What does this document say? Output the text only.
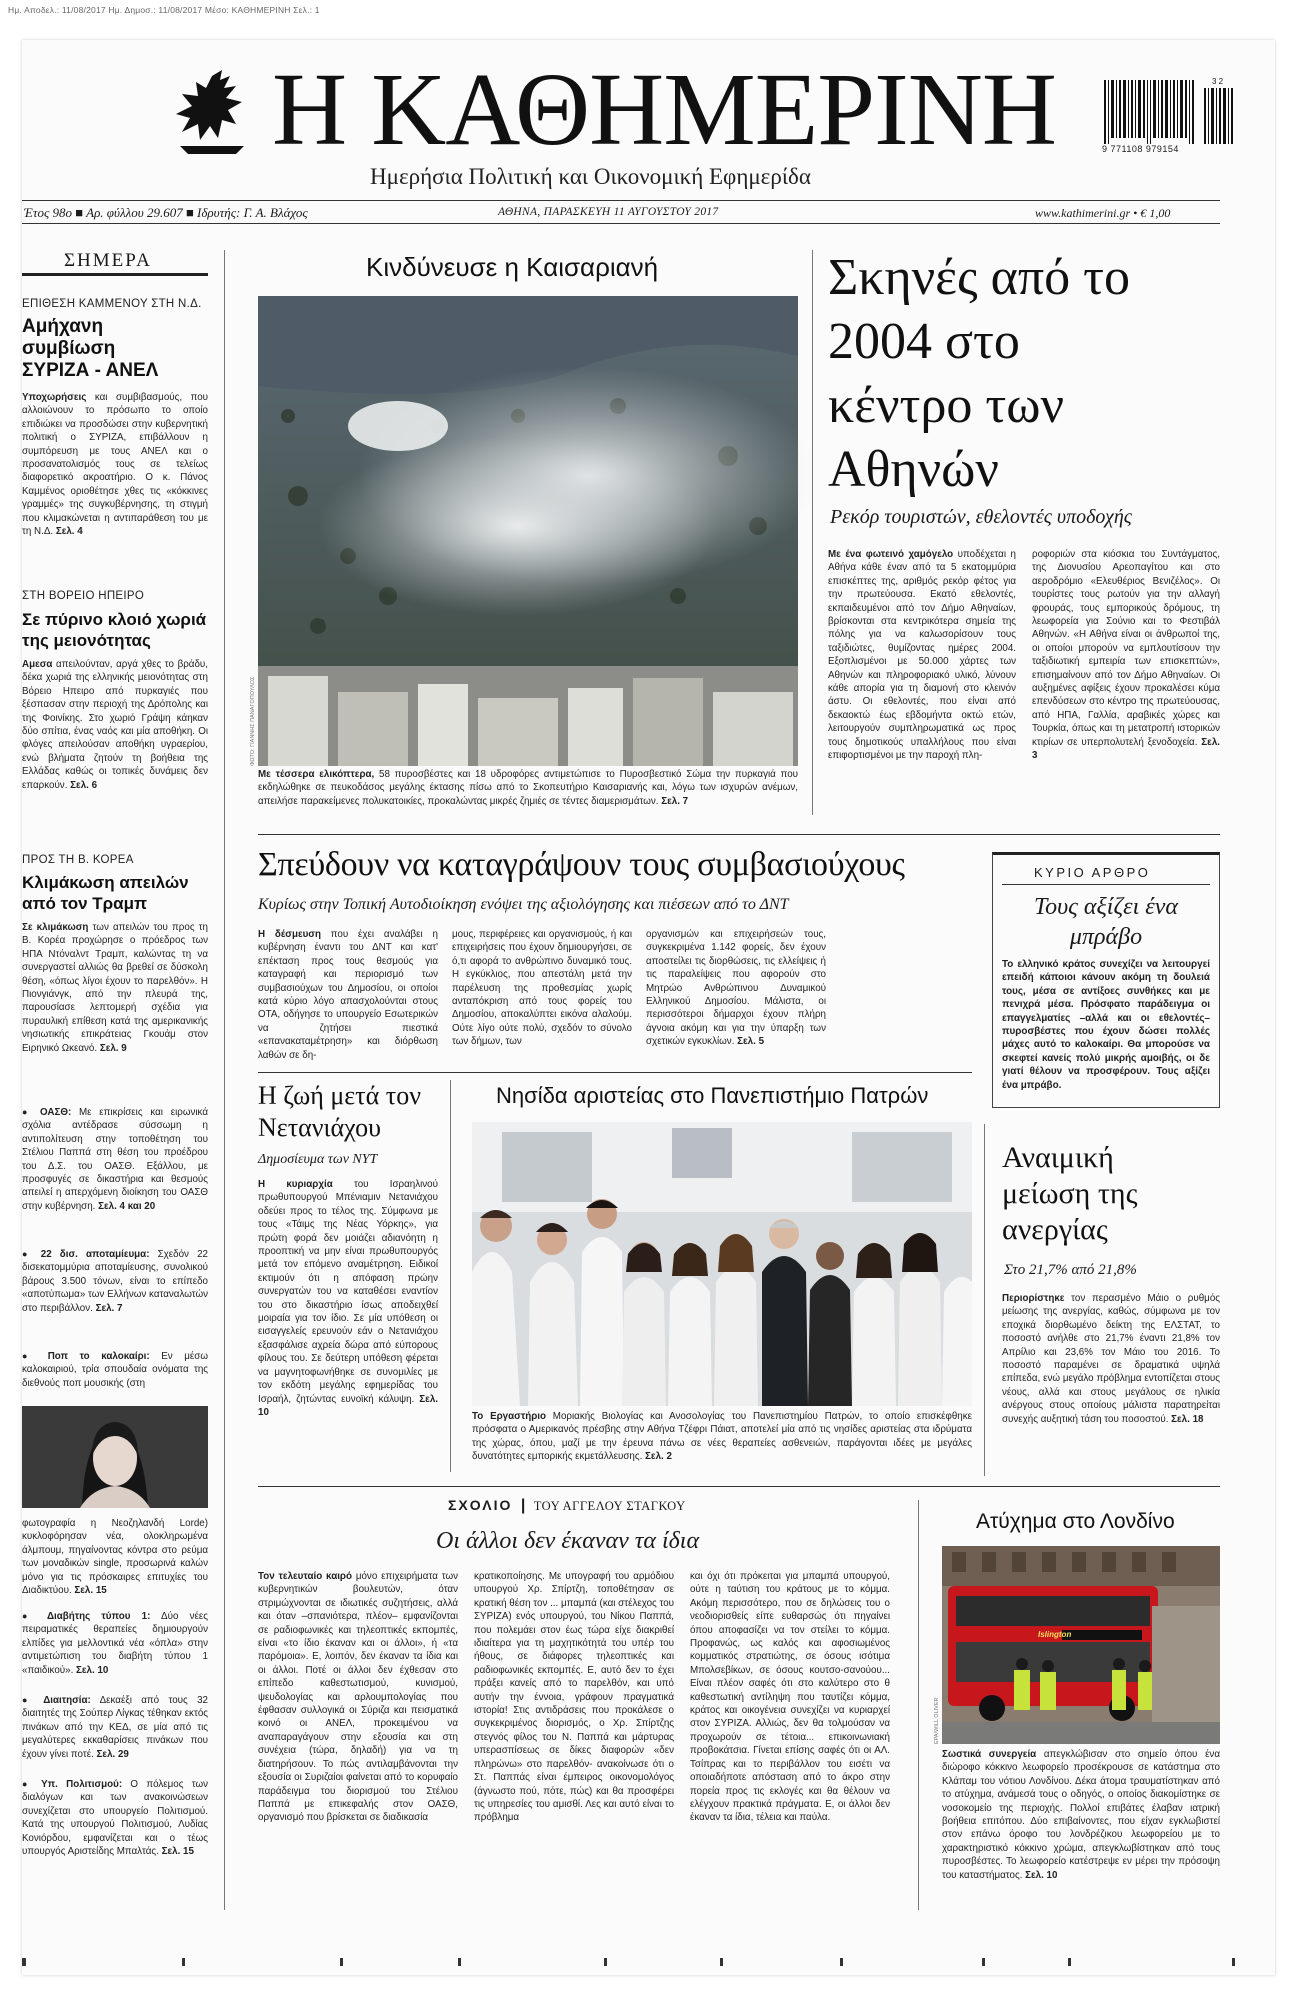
Ημ. Αποδελ.: 11/08/2017 Ημ. Δημοσ.: 11/08/2017 Μέσο: ΚΑΘΗΜΕΡΙΝΗ Σελ.: 1
Η ΚΑΘΗΜΕΡΙΝΗ
Ημερήσια Πολιτική και Οικονομική Εφημερίδα
3 2
9 771108 979154
Έτος 98ο ■ Αρ. φύλλου 29.607 ■ Ιδρυτής: Γ. Α. Βλάχος	ΑΘΗΝΑ, ΠΑΡΑΣΚΕΥΗ 11 ΑΥΓΟΥΣΤΟΥ 2017	www.kathimerini.gr • € 1,00
ΣΗΜΕΡΑ
ΕΠΙΘΕΣΗ ΚΑΜΜΕΝΟΥ ΣΤΗ Ν.Δ.
Αμήχανη συμβίωση ΣΥΡΙΖΑ - ΑΝΕΛ
Υποχωρήσεις και συμβιβασμούς, που αλλοιώνουν το πρόσωπο το οποίο επιδιώκει να προσδώσει στην κυβερνητική πολιτική ο ΣΥΡΙΖΑ, επιβάλλουν η συμπόρευση με τους ΑΝΕΛ και ο προσανατολισμός τους σε τελείως διαφορετικό ακροατήριο. Ο κ. Πάνος Καμμένος οριοθέτησε χθες τις «κόκκινες γραμμές» της συγκυβέρνησης, τη στιγμή που κλιμακώνεται η αντιπαράθεση του με τη Ν.Δ. Σελ. 4
ΣΤΗ ΒΟΡΕΙΟ ΗΠΕΙΡΟ
Σε πύρινο κλοιό χωριά της μειονότητας
Αμεσα απειλούνταν, αργά χθες το βράδυ, δέκα χωριά της ελληνικής μειονότητας στη Βόρειο Ηπειρο από πυρκαγιές που ξέσπασαν στην περιοχή της Δρόπολης και της Φοινίκης. Στο χωριό Γράψη κάηκαν δύο σπίτια, ένας ναός και μία αποθήκη. Οι φλόγες απειλούσαν αποθήκη υγραερίου, ενώ βλήματα ζητούν τη βοήθεια της Ελλάδας καθώς οι τοπικές δυνάμεις δεν επαρκούν. Σελ. 6
ΠΡΟΣ ΤΗ Β. ΚΟΡΕΑ
Κλιμάκωση απειλών από τον Τραμπ
Σε κλιμάκωση των απειλών του προς τη Β. Κορέα προχώρησε ο πρόεδρος των ΗΠΑ Ντόναλντ Τραμπ, καλώντας τη να συνεργαστεί αλλιώς θα βρεθεί σε δύσκολη θέση, «όπως λίγοι έχουν το παρελθόν». Η Πιονγιάνγκ, από την πλευρά της, παρουσίασε λεπτομερή σχέδια για πυραυλική επίθεση κατά της αμερικανικής νησιωτικής επικράτειας Γκουάμ στον Ειρηνικό Ωκεανό. Σελ. 9
● ΟΑΣΘ: Με επικρίσεις και ειρωνικά σχόλια αντέδρασε σύσσωμη η αντιπολίτευση στην τοποθέτηση του Στέλιου Παππά στη θέση του προέδρου του Δ.Σ. του ΟΑΣΘ. Εξάλλου, με προσφυγές σε δικαστήρια και θεσμούς απειλεί η απερχόμενη διοίκηση του ΟΑΣΘ στην κυβέρνηση. Σελ. 4 και 20
● 22 δισ. αποταμίευμα: Σχεδόν 22 δισεκατομμύρια αποταμίευσης, συνολικού βάρους 3.500 τόνων, είναι το επίπεδο «αποτύπωμα» των Ελλήνων καταναλωτών στο περιβάλλον. Σελ. 7
● Ποπ το καλοκαίρι: Εν μέσω καλοκαιριού, τρία σπουδαία ονόματα της διεθνούς ποπ μουσικής (στη
φωτογραφία η Νεοζηλανδή Lorde) κυκλοφόρησαν νέα, ολοκληρωμένα άλμπουμ, πηγαίνοντας κόντρα στο ρεύμα των μοναδικών single, προσωρινά καλών μόνο για τις πρόσκαιρες επιτυχίες του Διαδικτύου. Σελ. 15
● Διαβήτης τύπου 1: Δύο νέες πειραματικές θεραπείες δημιουργούν ελπίδες για μελλοντικά νέα «όπλα» στην αντιμετώπιση του διαβήτη τύπου 1 «παιδικού». Σελ. 10
● Διαιτησία: Δεκαέξι από τους 32 διαιτητές της Σούπερ Λίγκας τέθηκαν εκτός πινάκων από την ΚΕΔ, σε μία από τις μεγαλύτερες εκκαθαρίσεις πινάκων που έχουν γίνει ποτέ. Σελ. 29
● Υπ. Πολιτισμού: Ο πόλεμος των διαλόγων και των ανακοινώσεων συνεχίζεται στο υπουργείο Πολιτισμού. Κατά της υπουργού Πολιτισμού, Λυδίας Κονιόρδου, εμφανίζεται και ο τέως υπουργός Αριστείδης Μπαλτάς. Σελ. 15
Κινδύνευσε η Καισαριανή
ΦΩΤΟ: ΓΙΑΝΝΗΣ ΠΑΝΑΓΟΠΟΥΛΟΣ
Με τέσσερα ελικόπτερα, 58 πυροσβέστες και 18 υδροφόρες αντιμετώπισε το Πυροσβεστικό Σώμα την πυρκαγιά που εκδηλώθηκε σε πευκοδάσος μεγάλης έκτασης πίσω από το Σκοπευτήριο Καισαριανής και, λόγω των ισχυρών ανέμων, απειλήσε παρακείμενες πολυκατοικίες, προκαλώντας μικρές ζημιές σε τέντες διαμερισμάτων. Σελ. 7
Σκηνές από το 2004 στο κέντρο των Αθηνών
Ρεκόρ τουριστών, εθελοντές υποδοχής
Με ένα φωτεινό χαμόγελο υποδέχεται η Αθήνα κάθε έναν από τα 5 εκατομμύρια επισκέπτες της, αριθμός ρεκόρ φέτος για την πρωτεύουσα. Εκατό εθελοντές, εκπαιδευμένοι από τον Δήμο Αθηναίων, βρίσκονται στα κεντρικότερα σημεία της πόλης για να καλωσορίσουν τους ταξιδιώτες, θυμίζοντας ημέρες 2004. Εξοπλισμένοι με 50.000 χάρτες των Αθηνών και πληροφοριακό υλικό, λύνουν κάθε απορία για τη διαμονή στο κλεινόν άστυ. Οι εθελοντές, που είναι από δεκαοκτώ έως εβδομήντα οκτώ ετών, λειτουργούν συμπληρωματικά ως προς τους δημοτικούς υπαλλήλους που είναι επιφορτισμένοι με την παροχή πλη-
ροφοριών στα κιόσκια του Συντάγματος, της Διονυσίου Αρεοπαγίτου και στο αεροδρόμιο «Ελευθέριος Βενιζέλος». Οι τουρίστες τους ρωτούν για την αλλαγή φρουράς, τους εμπορικούς δρόμους, τη λεωφορεία για Σούνιο και το Φεστιβάλ Αθηνών. «Η Αθήνα είναι οι άνθρωποί της, οι οποίοι μπορούν να εμπλουτίσουν την ταξιδιωτική εμπειρία των επισκεπτών», επισημαίνουν από τον Δήμο Αθηναίων. Οι αυξημένες αφίξεις έχουν προκαλέσει κύμα επενδύσεων στο κέντρο της πρωτεύουσας, από ΗΠΑ, Γαλλία, αραβικές χώρες και Τουρκία, όπως και τη μετατροπή ιστορικών κτιρίων σε υπερπολυτελή ξενοδοχεία. Σελ. 3
Σπεύδουν να καταγράψουν τους συμβασιούχους
Κυρίως στην Τοπική Αυτοδιοίκηση ενόψει της αξιολόγησης και πιέσεων από το ΔΝΤ
Η δέσμευση που έχει αναλάβει η κυβέρνηση έναντι του ΔΝΤ και κατ' επέκταση προς τους θεσμούς για καταγραφή και περιορισμό των συμβασιούχων του Δημοσίου, οι οποίοι κατά κύριο λόγο απασχολούνται στους ΟΤΑ, οδήγησε το υπουργείο Εσωτερικών να ζητήσει πιεστικά «επανακαταμέτρηση» και διόρθωση λαθών σε δη-
μους, περιφέρειες και οργανισμούς, ή και επιχειρήσεις που έχουν δημιουργήσει, σε ό,τι αφορά το ανθρώπινο δυναμικό τους. Η εγκύκλιος, που απεστάλη μετά την παρέλευση της προθεσμίας χωρίς ανταπόκριση από τους φορείς του Δημοσίου, αποκαλύπτει εικόνα αλαλούμ. Ούτε λίγο ούτε πολύ, σχεδόν το σύνολο των δήμων, των
οργανισμών και επιχειρήσεών τους, συγκεκριμένα 1.142 φορείς, δεν έχουν αποστείλει τις διορθώσεις, τις ελλείψεις ή τις παραλείψεις που αφορούν στο Μητρώο Ανθρώπινου Δυναμικού Ελληνικού Δημοσίου. Μάλιστα, οι περισσότεροι δήμαρχοι έχουν πλήρη άγνοια ακόμη και για την ύπαρξη των σχετικών εγκυκλίων. Σελ. 5
ΚΥΡΙΟ ΑΡΘΡΟ
Τους αξίζει ένα μπράβο
Το ελληνικό κράτος συνεχίζει να λειτουργεί επειδή κάποιοι κάνουν ακόμη τη δουλειά τους, μέσα σε αντίξοες συνθήκες και με πενιχρά μέσα. Πρόσφατο παράδειγμα οι επαγγελματίες –αλλά και οι εθελοντές– πυροσβέστες που έχουν δώσει πολλές μάχες αυτό το καλοκαίρι. Θα μπορούσε να σκεφτεί κανείς πολύ μικρής αμοιβής, οι δε γιατί θέλουν να προσφέρουν. Τους αξίζει ένα μπράβο.
Η ζωή μετά τον Νετανιάχου
Δημοσίευμα των NYT
Η κυριαρχία του Ισραηλινού πρωθυπουργού Μπένιαμιν Νετανιάχου οδεύει προς το τέλος της. Σύμφωνα με τους «Τάιμς της Νέας Υόρκης», για πρώτη φορά δεν μοιάζει αδιανόητη η προοπτική να μην είναι πρωθυπουργός μετά τον επόμενο αναμέτρηση. Ειδικοί εκτιμούν ότι η απόφαση πρώην συνεργατών του να καταθέσει εναντίον του στο δικαστήριο ίσως αποδειχθεί μοιραία για τον ίδιο. Σε μία υπόθεση οι εισαγγελείς ερευνούν εάν ο Νετανιάχου εξασφάλισε αχρεία δώρα από εύπορους φίλους του. Σε δεύτερη υπόθεση φέρεται να μαγνητοφωνήθηκε σε συνομιλίες με τον εκδότη μεγάλης εφημερίδας του Ισραήλ, ζητώντας ευνοϊκή κάλυψη. Σελ. 10
Νησίδα αριστείας στο Πανεπιστήμιο Πατρών
Το Εργαστήριο Μοριακής Βιολογίας και Ανοσολογίας του Πανεπιστημίου Πατρών, το οποίο επισκέφθηκε πρόσφατα ο Αμερικανός πρέσβης στην Αθήνα Τζέφρι Πάιατ, αποτελεί μία από τις νησίδες αριστείας στα ιδρύματα της χώρας, όπου, μαζί με την έρευνα πάνω σε νέες θεραπείες ασθενειών, παράγονται ιδέες με μεγάλες δυνατότητες εμπορικής εκμετάλλευσης. Σελ. 2
Αναιμική μείωση της ανεργίας
Στο 21,7% από 21,8%
Περιορίστηκε τον περασμένο Μάιο ο ρυθμός μείωσης της ανεργίας, καθώς, σύμφωνα με τον εποχικά διορθωμένο δείκτη της ΕΛΣΤΑΤ, το ποσοστό ανήλθε στο 21,7% έναντι 21,8% τον Απρίλιο και 23,6% τον Μάιο του 2016. Το ποσοστό παραμένει σε δραματικά υψηλά επίπεδα, ενώ μεγάλο πρόβλημα εντοπίζεται στους νέους, αλλά και στους μεγάλους σε ηλικία ανέργους στους οποίους μάλιστα παρατηρείται συνεχής αυξητική τάση του ποσοστού. Σελ. 18
ΣΧΟΛΙΟ | ΤΟΥ ΑΓΓΕΛΟΥ ΣΤΑΓΚΟΥ
Οι άλλοι δεν έκαναν τα ίδια
Τον τελευταίο καιρό μόνο επιχειρήματα των κυβερνητικών βουλευτών, όταν στριμώχνονται σε ιδιωτικές συζητήσεις, αλλά και όταν –σπανιότερα, πλέον– εμφανίζονται σε ραδιοφωνικές και τηλεοπτικές εκπομπές, είναι «το ίδιο έκαναν και οι άλλοι», ή «τα παρόμοια». Ε, λοιπόν, δεν έκαναν τα ίδια και οι άλλοι. Ποτέ οι άλλοι δεν έχθεσαν στο επίπεδο καθεστωτισμού, κυνισμού, ψευδολογίας και αρλουμπολογίας που έφθασαν συλλογικά οι Σύριζα και πεισματικά κοινό οι ΑΝΕΛ, προκειμένου να αναπαραγάγουν στην εξουσία και στη συνέχεια (τώρα, δηλαδή) για να τη διατηρήσουν. Το πώς αντιλαμβάνονται την εξουσία οι Συριζαίοι φαίνεται από το κορυφαίο παράδειγμα του διορισμού του Στέλιου Παππά με επικεφαλής στον ΟΑΣΘ, οργανισμό που βρίσκεται σε διαδικασία
κρατικοποίησης. Με υπογραφή του αρμόδιου υπουργού Χρ. Σπίρτζη, τοποθέτησαν σε κρατική θέση τον ... μπαμπά (και στέλεχος του ΣΥΡΙΖΑ) ενός υπουργού, του Νίκου Παππά, που πολεμάει στον έως τώρα είχε διακριθεί ιδιαίτερα για τη μαχητικότητά του υπέρ του ήθους, σε διάφορες τηλεοπτικές και ραδιοφωνικές εκπομπές. Ε, αυτό δεν το έχει πράξει κανείς από το παρελθόν, και υπό αυτήν την έννοια, γράφουν πραγματικά ιστορία! Στις αντιδράσεις που προκάλεσε ο συγκεκριμένος διορισμός, ο Χρ. Σπίρτζης στεγνός φίλος του Ν. Παππά και μάρτυρας υπερασπίσεως σε δίκες διαφορών «δεν πληρώνω» στο παρελθόν- ανακοίνωσε ότι ο Στ. Παππάς είναι έμπειρος οικονομολόγος (άγνωστο πού, πότε, πώς) και θα προσφέρει τις υπηρεσίες του αμισθί. Λες και αυτό είναι το πρόβλημα
και όχι ότι πρόκειται για μπαμπά υπουργού, ούτε η ταύτιση του κράτους με το κόμμα. Ακόμη περισσότερο, που σε δηλώσεις του ο νεοδιορισθείς είπε ευθαρσώς ότι πηγαίνει όπου αποφασίζει να τον στείλει το κόμμα. Προφανώς, ως καλός και αφοσιωμένος κομματικός στρατιώτης, σε όσους ισότιμα Μπολσεβίκων, σε όσους κουτσο-σανούου... Είναι πλέον σαφές ότι στο καλύτερο στο θ καθεστωτική αντίληψη που ταυτίζει κόμμα, κράτος και οικογένεια συνεχίζει να κυριαρχεί στον ΣΥΡΙΖΑ. Αλλιώς, δεν θα τολμούσαν να προχωρούν σε τέτοια... επικοινωνιακή προβοκάτσια. Γίνεται επίσης σαφές ότι οι ΑΛ. Τσίπρας και το περιβάλλον του εισέτι να οποιαδήποτε απόσταση από το άκρο στην πορεία προς τις εκλογές και θα θέλουν να ελέγχουν πρακτικά πράγματα. Ε, οι άλλοι δεν έκαναν τα ίδια, τέλεια και παύλα.
Ατύχημα στο Λονδίνο
Islington
EPA/WILL OLIVER
Σωστικά συνεργεία απεγκλώβισαν στο σημείο όπου ένα διώροφο κόκκινο λεωφορείο προσέκρουσε σε κατάστημα στο Κλάπαμ του νότιου Λονδίνου. Δέκα άτομα τραυματίστηκαν από το ατύχημα, ανάμεσά τους ο οδηγός, ο οποίος διακομίστηκε σε νοσοκομείο της περιοχής. Πολλοί επιβάτες έλαβαν ιατρική βοήθεια επιτόπου. Δύο επιβαίνοντες, που είχαν εγκλωβιστεί στον επάνω όροφο του λονδρέζικου λεωφορείου με το χαρακτηριστικό κόκκινο χρώμα, απεγκλωβίστηκαν από τους πυροσβέστες. Το λεωφορείο κατέστρεψε εν μέρει την πρόσοψη του καταστήματος. Σελ. 10
